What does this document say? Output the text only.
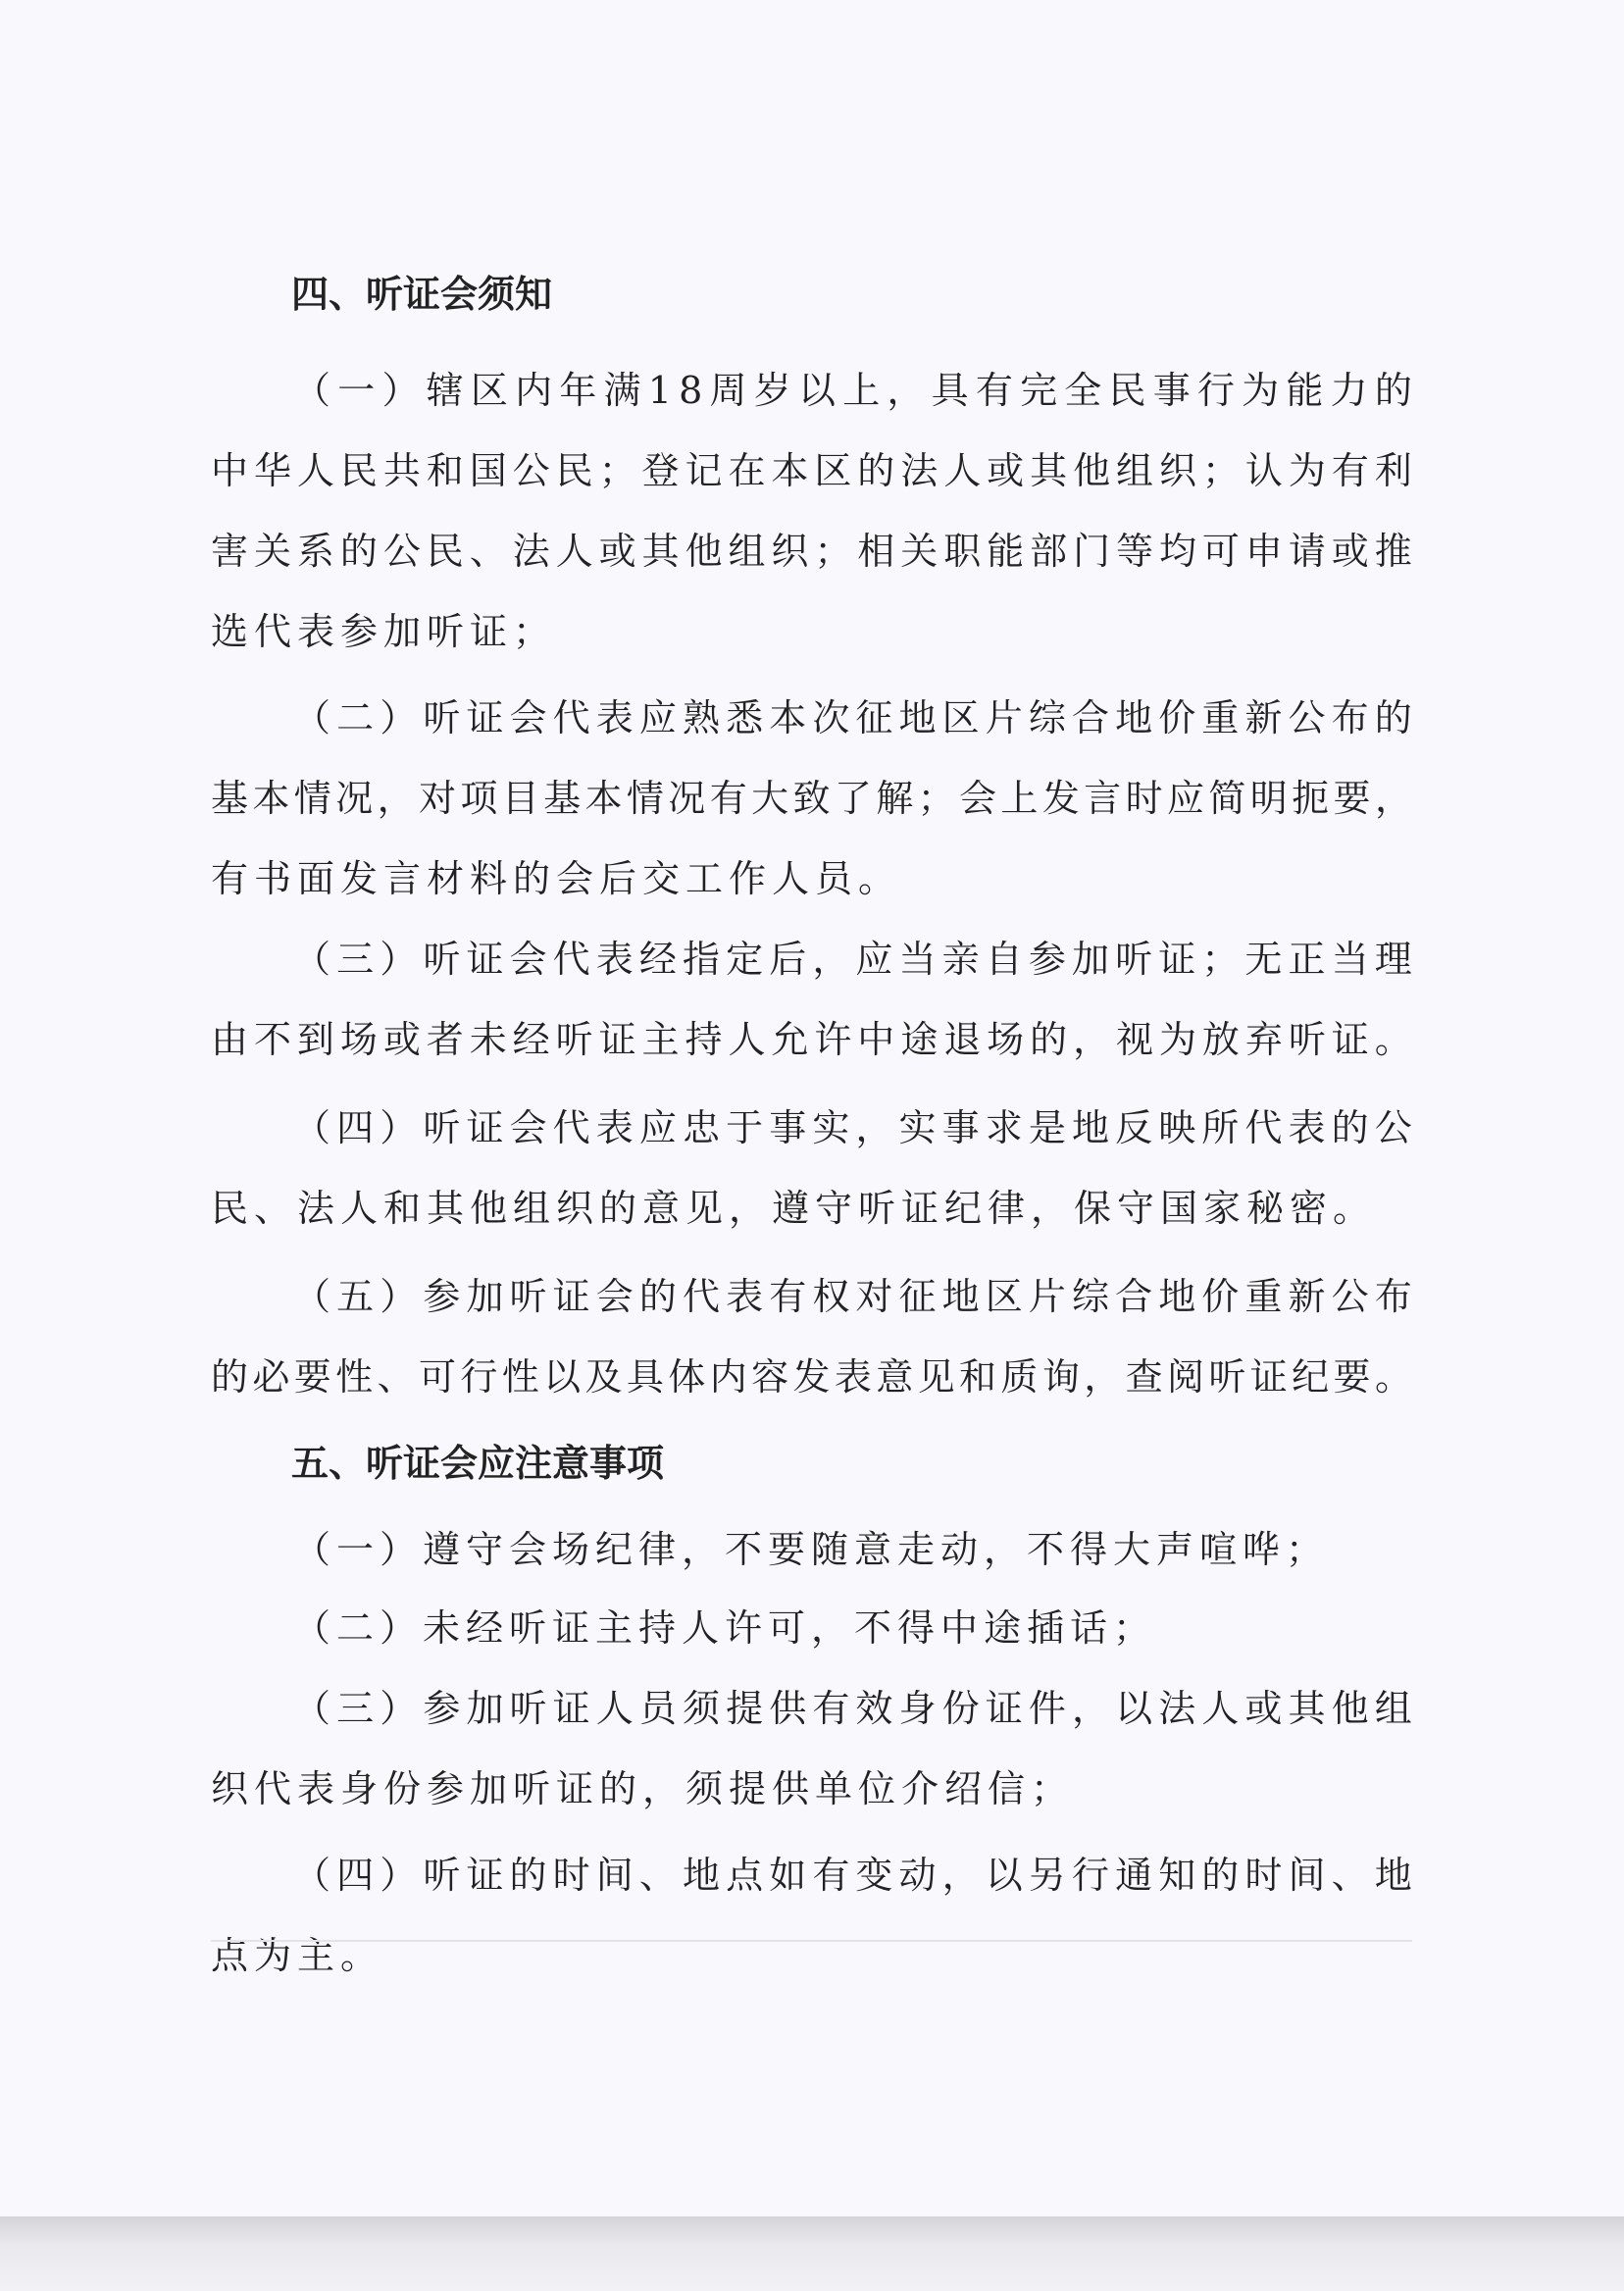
四、听证会须知
（ 一 ） 辖 区 内 年 满 1 8 周 岁 以 上 ， 具 有 完 全 民 事 行 为 能 力 的
中 华 人 民 共 和 国 公 民 ； 登 记 在 本 区 的 法 人 或 其 他 组 织 ； 认 为 有 利
害 关 系 的 公 民 、 法 人 或 其 他 组 织 ； 相 关 职 能 部 门 等 均 可 申 请 或 推
选代表参加听证；
（ 二 ） 听 证 会 代 表 应 熟 悉 本 次 征 地 区 片 综 合 地 价 重 新 公 布 的
基 本 情 况 ， 对 项 目 基 本 情 况 有 大 致 了 解 ； 会 上 发 言 时 应 简 明 扼 要 ，
有书面发言材料的会后交工作人员。
（ 三 ） 听 证 会 代 表 经 指 定 后 ， 应 当 亲 自 参 加 听 证 ； 无 正 当 理
由 不 到 场 或 者 未 经 听 证 主 持 人 允 许 中 途 退 场 的 ， 视 为 放 弃 听 证 。
（ 四 ） 听 证 会 代 表 应 忠 于 事 实 ， 实 事 求 是 地 反 映 所 代 表 的 公
民、法人和其他组织的意见，遵守听证纪律，保守国家秘密。
（ 五 ） 参 加 听 证 会 的 代 表 有 权 对 征 地 区 片 综 合 地 价 重 新 公 布
的 必 要 性 、 可 行 性 以 及 具 体 内 容 发 表 意 见 和 质 询 ， 查 阅 听 证 纪 要 。
五、听证会应注意事项
（一）遵守会场纪律，不要随意走动，不得大声喧哗；
（二）未经听证主持人许可，不得中途插话；
（ 三 ） 参 加 听 证 人 员 须 提 供 有 效 身 份 证 件 ， 以 法 人 或 其 他 组
织代表身份参加听证的，须提供单位介绍信；
（ 四 ） 听 证 的 时 间 、 地 点 如 有 变 动 ， 以 另 行 通 知 的 时 间 、 地
点为主。
